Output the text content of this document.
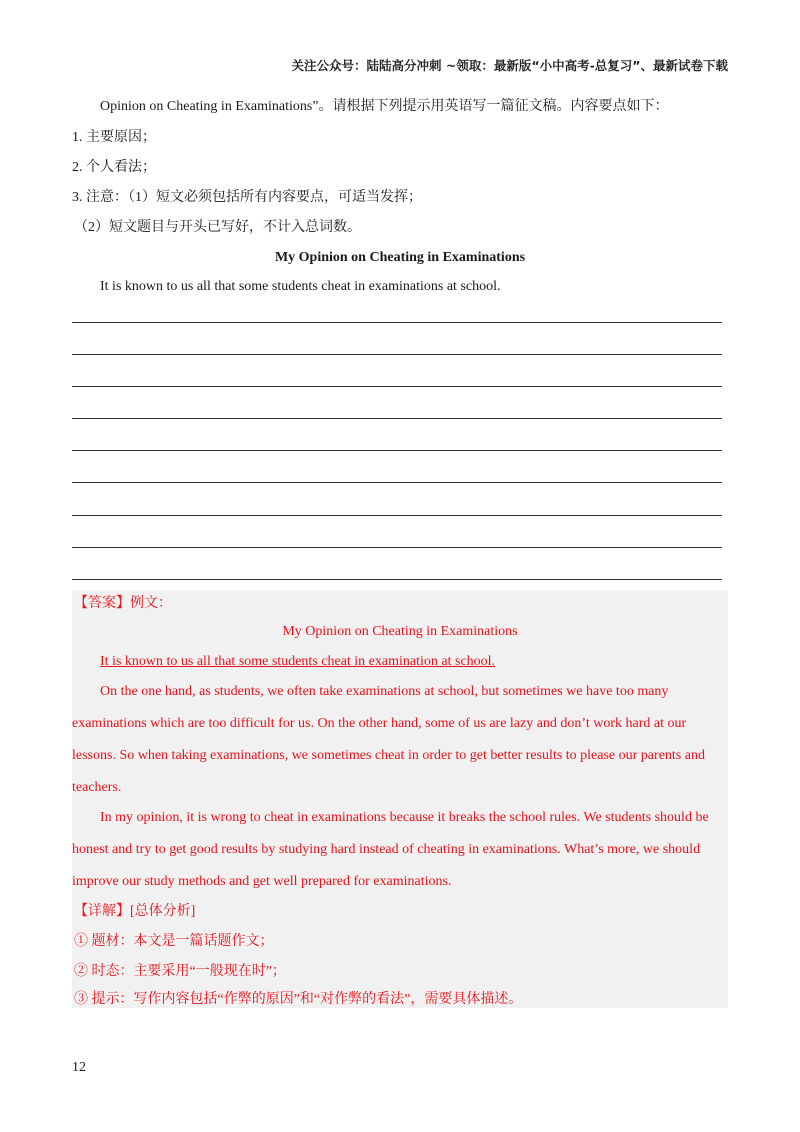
关注公众号：陆陆高分冲刺 ~领取：最新版“小中高考-总复习”、最新试卷下载
Opinion on Cheating in Examinations”。请根据下列提示用英语写一篇征文稿。内容要点如下：
1. 主要原因；
2. 个人看法；
3. 注意：（1）短文必须包括所有内容要点，可适当发挥；
（2）短文题目与开头已写好，不计入总词数。
My Opinion on Cheating in Examinations
It is known to us all that some students cheat in examinations at school.
【答案】例文：
My Opinion on Cheating in Examinations
It is known to us all that some students cheat in examination at school.
On the one hand, as students, we often take examinations at school, but sometimes we have too many
examinations which are too difficult for us. On the other hand, some of us are lazy and don’t work hard at our
lessons. So when taking examinations, we sometimes cheat in order to get better results to please our parents and
teachers.
In my opinion, it is wrong to cheat in examinations because it breaks the school rules. We students should be
honest and try to get good results by studying hard instead of cheating in examinations. What’s more, we should
improve our study methods and get well prepared for examinations.
【详解】[总体分析]
① 题材：本文是一篇话题作文；
② 时态：主要采用“一般现在时”；
③ 提示：写作内容包括“作弊的原因”和“对作弊的看法”，需要具体描述。
12
